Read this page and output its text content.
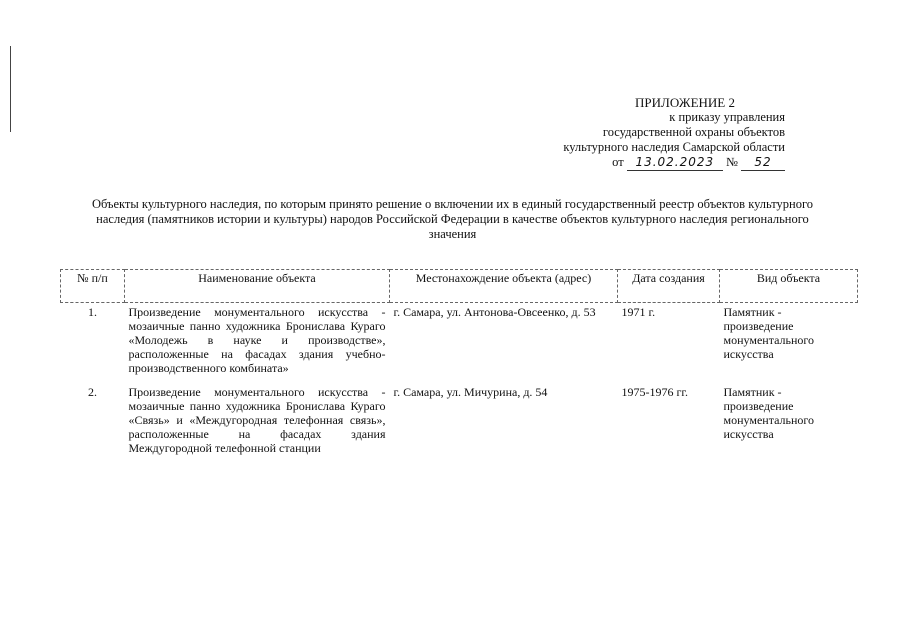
ПРИЛОЖЕНИЕ 2
к приказу управления
государственной охраны объектов
культурного наследия Самарской области
от 13.02.2023 № 52
Объекты культурного наследия, по которым принято решение о включении их в единый государственный реестр объектов культурного наследия (памятников истории и культуры) народов Российской Федерации в качестве объектов культурного наследия регионального значения
№ п/п	Наименование объекта	Местонахождение объекта (адрес)	Дата создания	Вид объекта
1.	Произведение монументального искусства - мозаичные панно художника Бронислава Кураго «Молодежь в науке и производстве», расположенные на фасадах здания учебно-производственного комбината»	г. Самара, ул. Антонова-Овсеенко, д. 53	1971 г.	Памятник - произведение монументального искусства
2.	Произведение монументального искусства - мозаичные панно художника Бронислава Кураго «Связь» и «Междугородная телефонная связь», расположенные на фасадах здания Междугородной телефонной станции	г. Самара, ул. Мичурина, д. 54	1975-1976 гг.	Памятник - произведение монументального искусства
